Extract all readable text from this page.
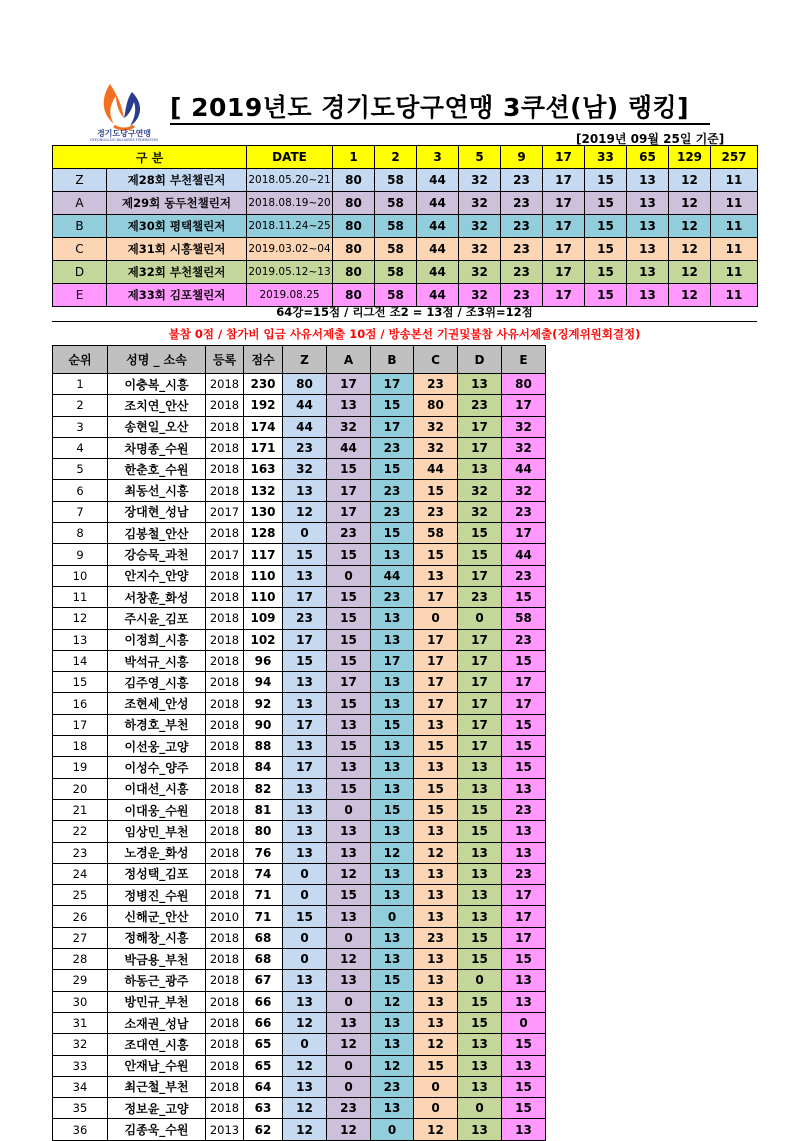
경기도당구연맹
GYEONGGI-DO BILLIARDS FEDERATION
[ 2019년도 경기도당구연맹 3쿠션(남) 랭킹]
[2019년 09월 25일 기준]
구 분		DATE	1	2	3	5	9	17	33	65	129	257
Z	제28회 부천챌린저	2018.05.20~21	80	58	44	32	23	17	15	13	12	11
A	제29회 동두천챌린저	2018.08.19~20	80	58	44	32	23	17	15	13	12	11
B	제30회 평택챌린저	2018.11.24~25	80	58	44	32	23	17	15	13	12	11
C	제31회 시흥챌린저	2019.03.02~04	80	58	44	32	23	17	15	13	12	11
D	제32회 부천챌린저	2019.05.12~13	80	58	44	32	23	17	15	13	12	11
E	제33회 김포챌린저	2019.08.25	80	58	44	32	23	17	15	13	12	11
64강=15점 / 리그전 조2 = 13점 / 조3위=12점
불참 0점 / 참가비 입금 사유서제출 10점 / 방송본선 기권및불참 사유서제출(징계위원회결정)
순위	성명 _ 소속	등록	점수	Z	A	B	C	D	E
1	이충복_시흥	2018	230	80	17	17	23	13	80
2	조치연_안산	2018	192	44	13	15	80	23	17
3	송현일_오산	2018	174	44	32	17	32	17	32
4	차명종_수원	2018	171	23	44	23	32	17	32
5	한춘호_수원	2018	163	32	15	15	44	13	44
6	최동선_시흥	2018	132	13	17	23	15	32	32
7	장대현_성남	2017	130	12	17	23	23	32	23
8	김봉철_안산	2018	128	0	23	15	58	15	17
9	강승묵_과천	2017	117	15	15	13	15	15	44
10	안지수_안양	2018	110	13	0	44	13	17	23
11	서창훈_화성	2018	110	17	15	23	17	23	15
12	주시윤_김포	2018	109	23	15	13	0	0	58
13	이정희_시흥	2018	102	17	15	13	17	17	23
14	박석규_시흥	2018	96	15	15	17	17	17	15
15	김주영_시흥	2018	94	13	17	13	17	17	17
16	조현세_안성	2018	92	13	15	13	17	17	17
17	하경호_부천	2018	90	17	13	15	13	17	15
18	이선웅_고양	2018	88	13	15	13	15	17	15
19	이성수_양주	2018	84	17	13	13	13	13	15
20	이대선_시흥	2018	82	13	15	13	15	13	13
21	이대웅_수원	2018	81	13	0	15	15	15	23
22	임상민_부천	2018	80	13	13	13	13	15	13
23	노경운_화성	2018	76	13	13	12	12	13	13
24	정성택_김포	2018	74	0	12	13	13	13	23
25	정병진_수원	2018	71	0	15	13	13	13	17
26	신해군_안산	2010	71	15	13	0	13	13	17
27	정해창_시흥	2018	68	0	0	13	23	15	17
28	박금용_부천	2018	68	0	12	13	13	15	15
29	하동근_광주	2018	67	13	13	15	13	0	13
30	방민규_부천	2018	66	13	0	12	13	15	13
31	소재권_성남	2018	66	12	13	13	13	15	0
32	조대연_시흥	2018	65	0	12	13	12	13	15
33	안재남_수원	2018	65	12	0	12	15	13	13
34	최근철_부천	2018	64	13	0	23	0	13	15
35	정보윤_고양	2018	63	12	23	13	0	0	15
36	김종욱_수원	2013	62	12	12	0	12	13	13
